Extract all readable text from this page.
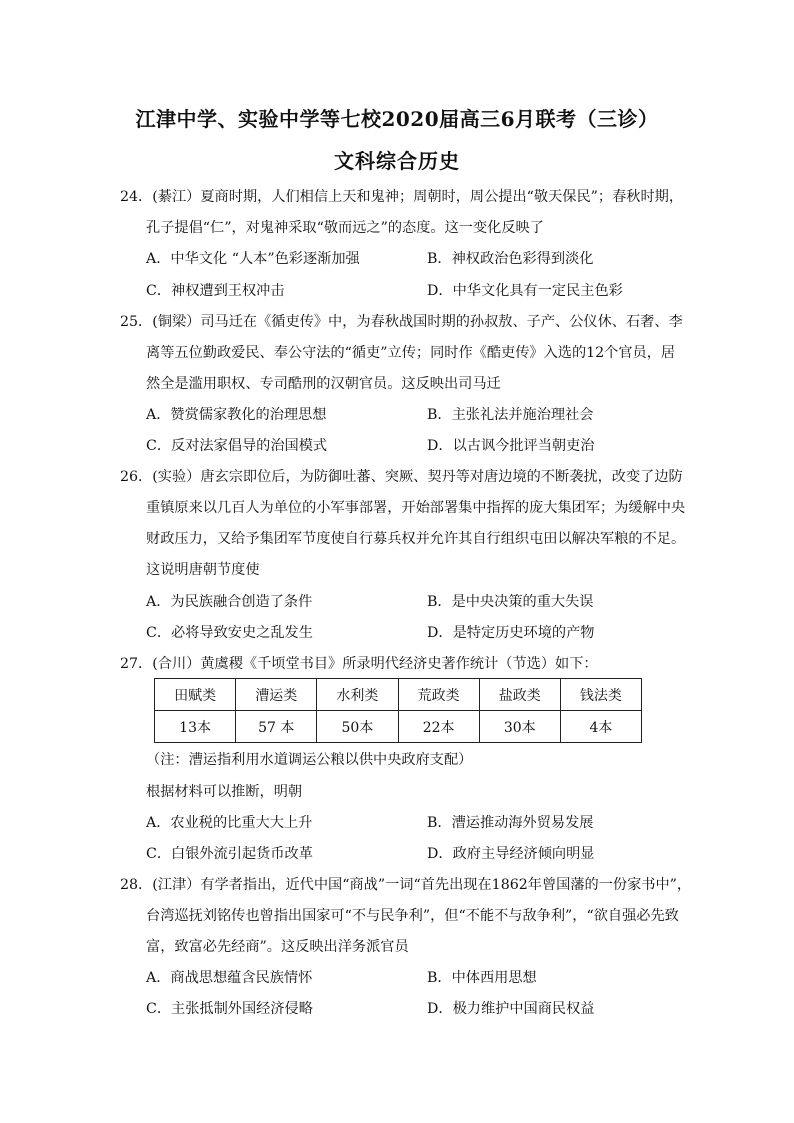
江津中学、实验中学等七校2020届高三6月联考（三诊）
文科综合历史
24．(綦江）夏商时期，人们相信上天和鬼神；周朝时，周公提出“敬天保民”；春秋时期，
孔子提倡“仁”，对鬼神采取“敬而远之”的态度。这一变化反映了
A．中华文化 “人本”色彩逐渐加强	B．神权政治色彩得到淡化
C．神权遭到王权冲击	D．中华文化具有一定民主色彩
25．(铜梁）司马迁在《循吏传》中，为春秋战国时期的孙叔敖、子产、公仪休、石奢、李
离等五位勤政爱民、奉公守法的“循吏”立传；同时作《酷吏传》入选的12个官员，居
然全是滥用职权、专司酷刑的汉朝官员。这反映出司马迁
A．赞赏儒家教化的治理思想	B．主张礼法并施治理社会
C．反对法家倡导的治国模式	D．以古讽今批评当朝吏治
26．(实验）唐玄宗即位后，为防御吐蕃、突厥、契丹等对唐边境的不断袭扰，改变了边防
重镇原来以几百人为单位的小军事部署，开始部署集中指挥的庞大集团军；为缓解中央
财政压力，又给予集团军节度使自行募兵权并允许其自行组织屯田以解决军粮的不足。
这说明唐朝节度使
A．为民族融合创造了条件	B．是中央决策的重大失误
C．必将导致安史之乱发生	D．是特定历史环境的产物
27．(合川）黄虞稷《千顷堂书目》所录明代经济史著作统计（节选）如下：
田赋类	漕运类	水利类	荒政类	盐政类	钱法类
13本	57 本	50本	22本	30本	4本
（注：漕运指利用水道调运公粮以供中央政府支配）
根据材料可以推断，明朝
A．农业税的比重大大上升	B．漕运推动海外贸易发展
C．白银外流引起货币改革	D．政府主导经济倾向明显
28．(江津）有学者指出，近代中国“商战”一词“首先出现在1862年曾国藩的一份家书中”，
台湾巡抚刘铭传也曾指出国家可“不与民争利”，但“不能不与敌争利”，“欲自强必先致
富，致富必先经商”。这反映出洋务派官员
A．商战思想蕴含民族情怀	B．中体西用思想
C．主张抵制外国经济侵略	D．极力维护中国商民权益
